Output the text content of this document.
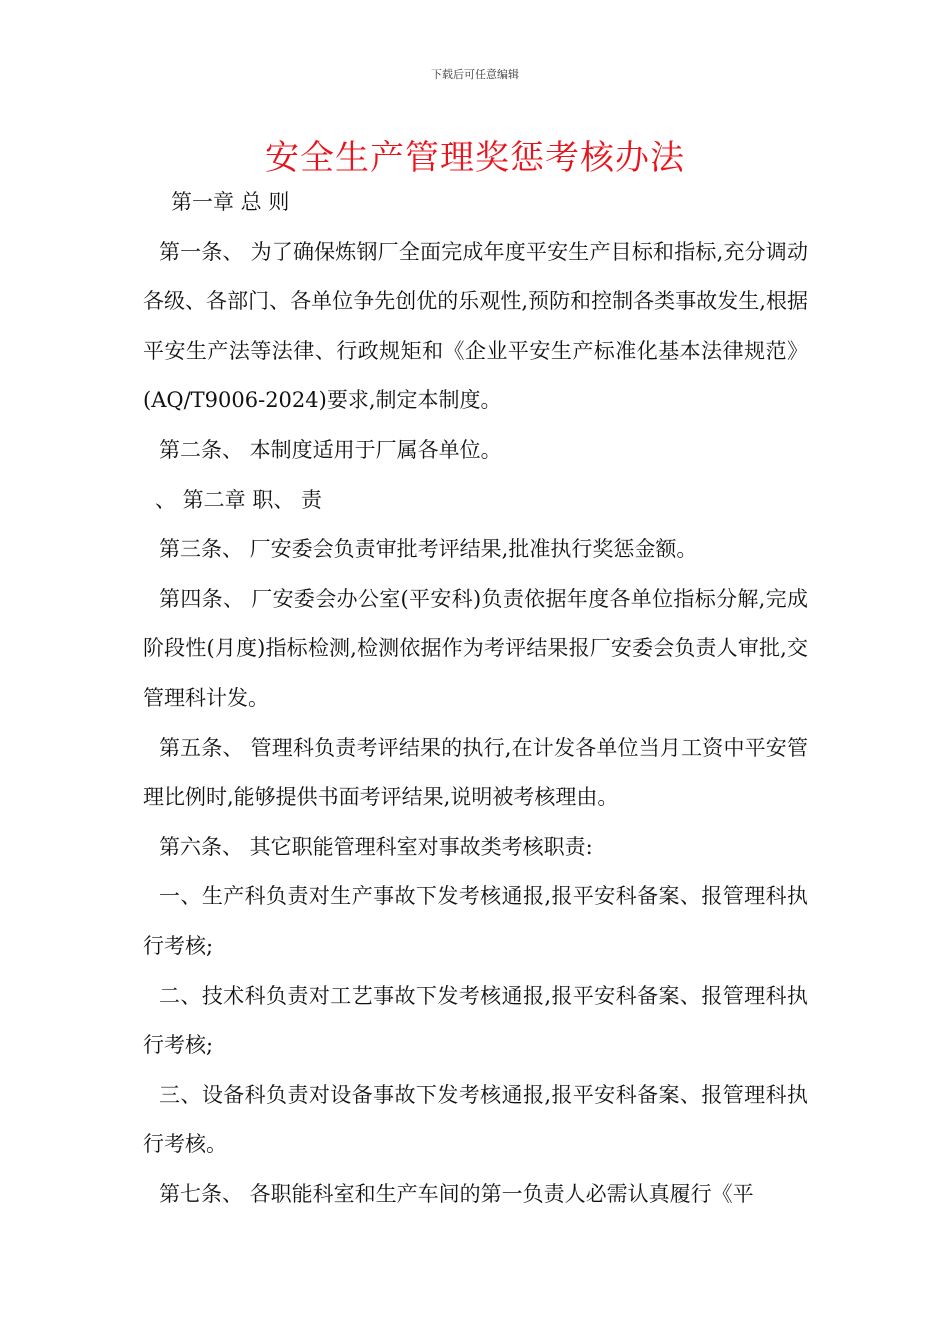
下载后可任意编辑
安全生产管理奖惩考核办法

第一章 总 则

第一条、 为了确保炼钢厂全面完成年度平安生产目标和指标,充分调动各级、各部门、各单位争先创优的乐观性,预防和控制各类事故发生,根据平安生产法等法律、行政规矩和《企业平安生产标准化基本法律规范》(AQ/T9006-2024)要求,制定本制度。

第二条、 本制度适用于厂属各单位。

、 第二章 职、 责

第三条、 厂安委会负责审批考评结果,批准执行奖惩金额。

第四条、 厂安委会办公室(平安科)负责依据年度各单位指标分解,完成阶段性(月度)指标检测,检测依据作为考评结果报厂安委会负责人审批,交管理科计发。

第五条、 管理科负责考评结果的执行,在计发各单位当月工资中平安管理比例时,能够提供书面考评结果,说明被考核理由。

第六条、 其它职能管理科室对事故类考核职责:

一、生产科负责对生产事故下发考核通报,报平安科备案、报管理科执行考核;

二、技术科负责对工艺事故下发考核通报,报平安科备案、报管理科执行考核;

三、设备科负责对设备事故下发考核通报,报平安科备案、报管理科执行考核。

第七条、 各职能科室和生产车间的第一负责人必需认真履行《平
